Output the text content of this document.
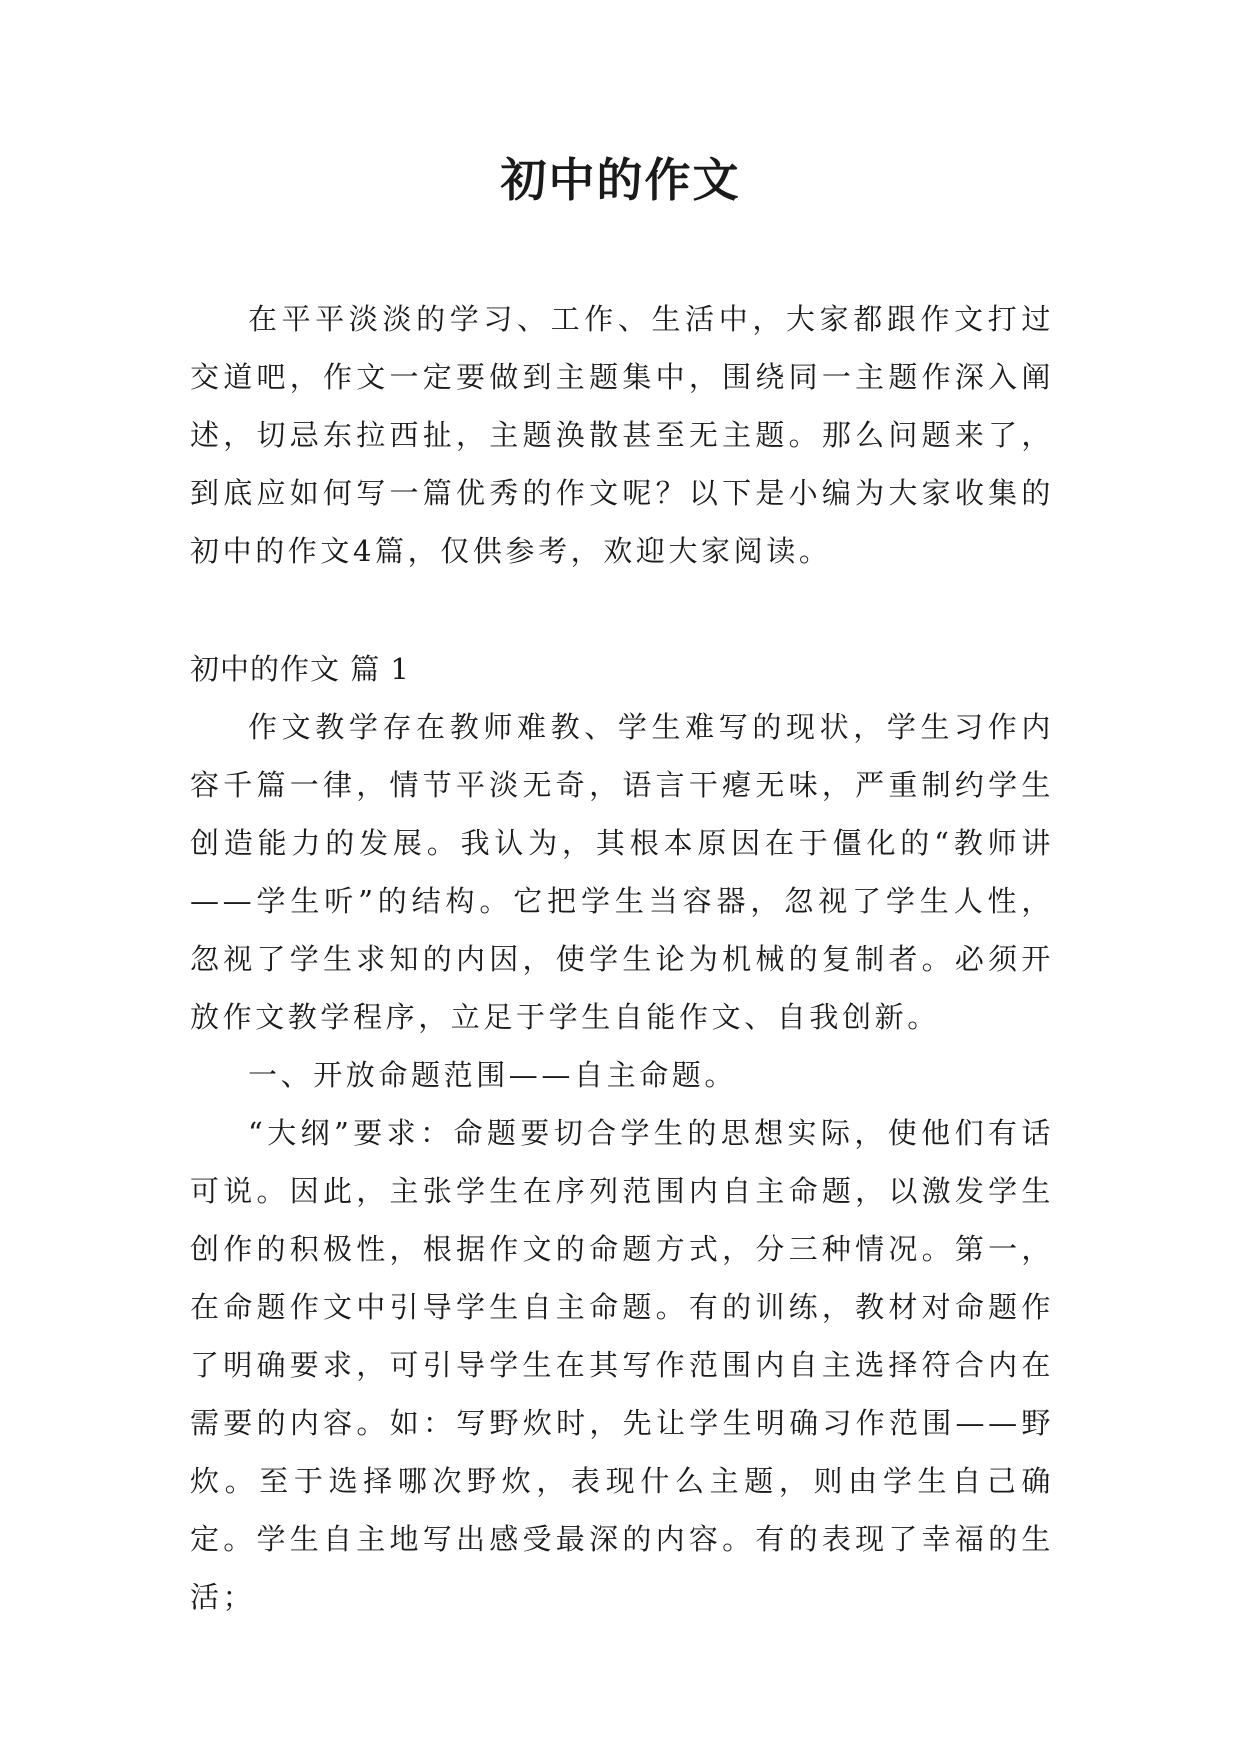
初中的作文

在平平淡淡的学习、工作、生活中，大家都跟作文打过交道吧，作文一定要做到主题集中，围绕同一主题作深入阐述，切忌东拉西扯，主题涣散甚至无主题。那么问题来了，到底应如何写一篇优秀的作文呢？以下是小编为大家收集的初中的作文4篇，仅供参考，欢迎大家阅读。

初中的作文 篇 1

作文教学存在教师难教、学生难写的现状，学生习作内容千篇一律，情节平淡无奇，语言干瘪无味，严重制约学生创造能力的发展。我认为，其根本原因在于僵化的“教师讲——学生听”的结构。它把学生当容器，忽视了学生人性，忽视了学生求知的内因，使学生论为机械的复制者。必须开放作文教学程序，立足于学生自能作文、自我创新。

一、开放命题范围——自主命题。

“大纲”要求：命题要切合学生的思想实际，使他们有话可说。因此，主张学生在序列范围内自主命题，以激发学生创作的积极性，根据作文的命题方式，分三种情况。第一，在命题作文中引导学生自主命题。有的训练，教材对命题作了明确要求，可引导学生在其写作范围内自主选择符合内在需要的内容。如：写野炊时，先让学生明确习作范围——野炊。至于选择哪次野炊，表现什么主题，则由学生自己确定。学生自主地写出感受最深的内容。有的表现了幸福的生活；
